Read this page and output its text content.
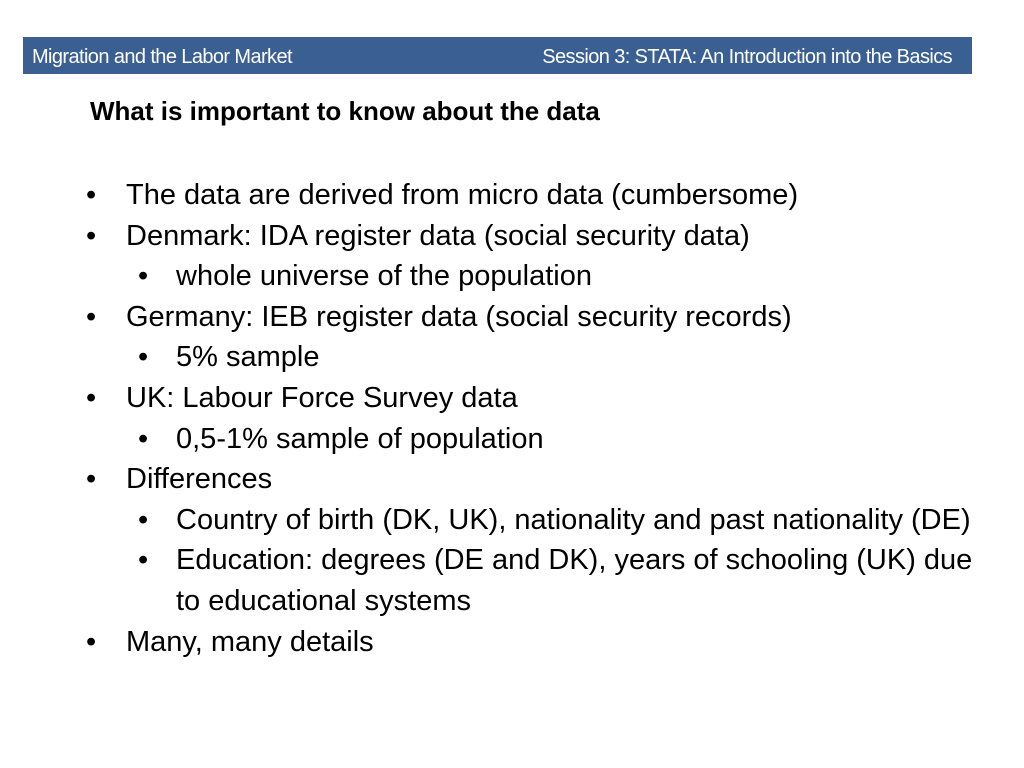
Migration and the Labor Market	Session 3: STATA: An Introduction into the Basics
What is important to know about the data
•	The data are derived from micro data (cumbersome)
•	Denmark: IDA register data (social security data)
• whole universe of the population
•	Germany: IEB register data (social security records)
• 5% sample
•	UK: Labour Force Survey data
• 0,5-1% sample of population
•	Differences
• Country of birth (DK, UK), nationality and past nationality (DE)
• Education: degrees (DE and DK), years of schooling (UK) due to educational systems
•	Many, many details
